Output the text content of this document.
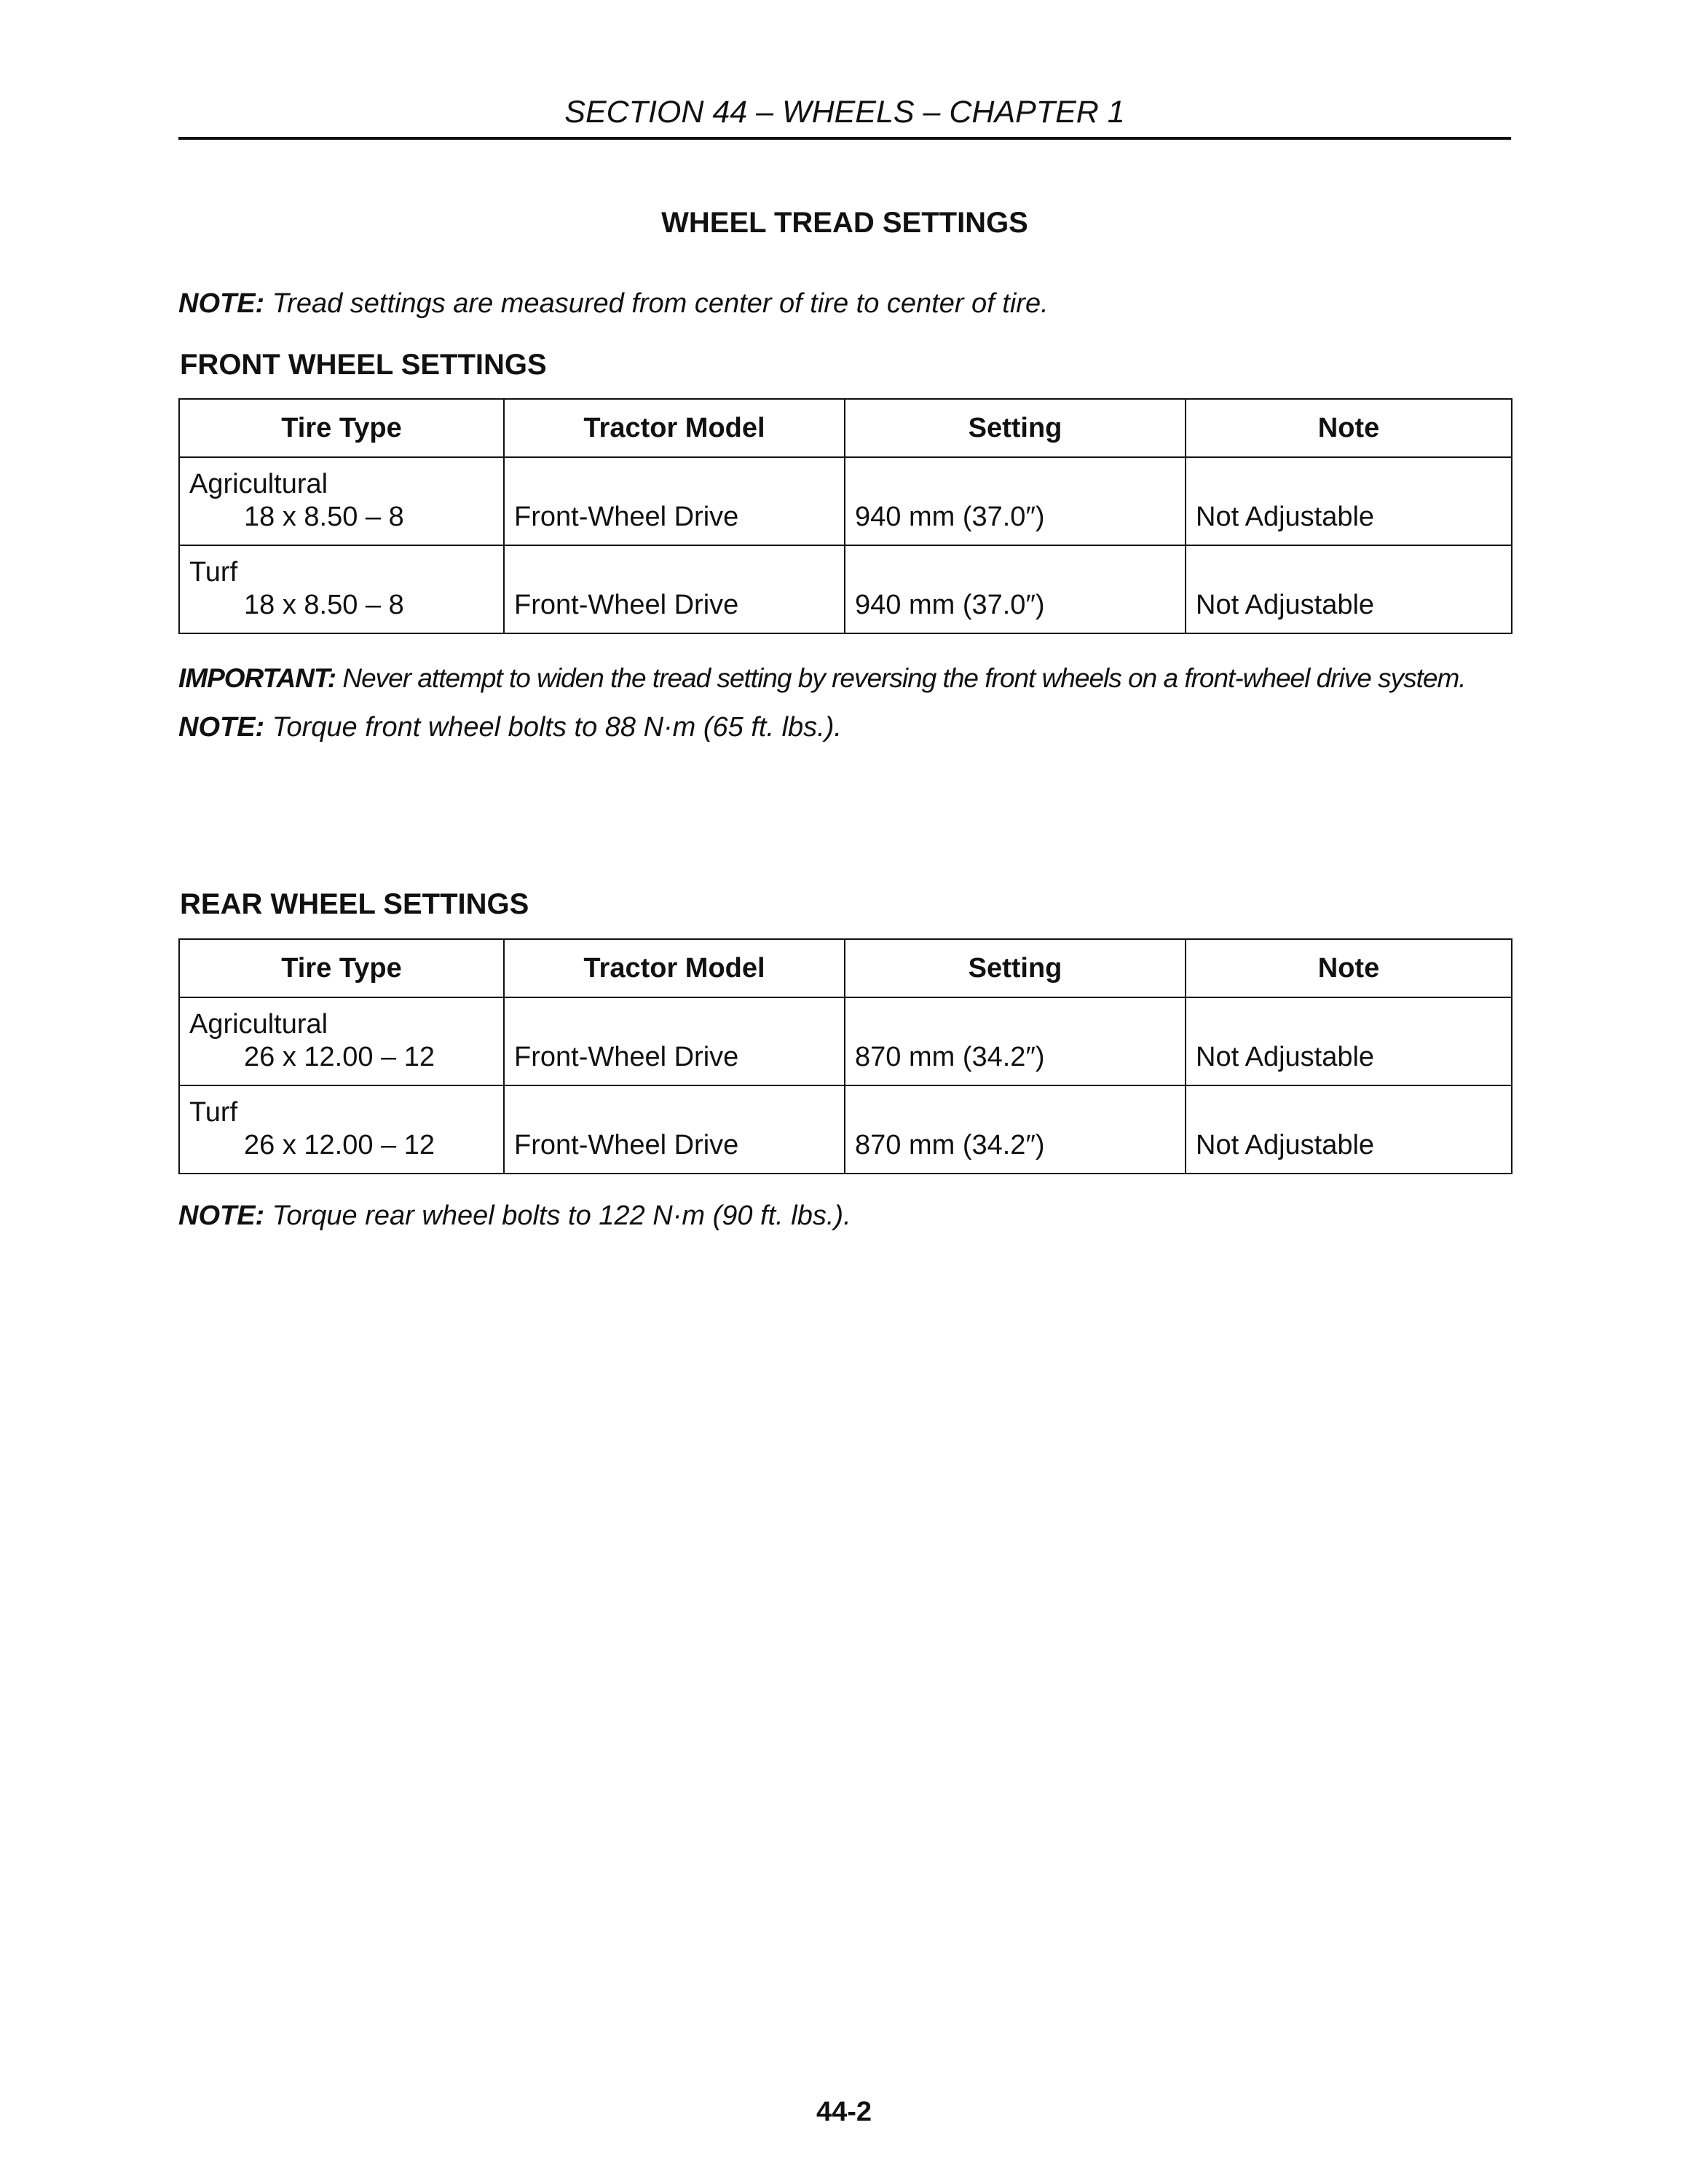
SECTION 44 – WHEELS – CHAPTER 1
WHEEL TREAD SETTINGS
NOTE: Tread settings are measured from center of tire to center of tire.
FRONT WHEEL SETTINGS
Tire Type	Tractor Model	Setting	Note

Agricultural
18 x 8.50 – 8	Front-Wheel Drive	940 mm (37.0″)	Not Adjustable

Turf
18 x 8.50 – 8	Front-Wheel Drive	940 mm (37.0″)	Not Adjustable
IMPORTANT: Never attempt to widen the tread setting by reversing the front wheels on a front-wheel drive system.
NOTE: Torque front wheel bolts to 88 N·m (65 ft. lbs.).
REAR WHEEL SETTINGS
Tire Type	Tractor Model	Setting	Note

Agricultural
26 x 12.00 – 12	Front-Wheel Drive	870 mm (34.2″)	Not Adjustable

Turf
26 x 12.00 – 12	Front-Wheel Drive	870 mm (34.2″)	Not Adjustable
NOTE: Torque rear wheel bolts to 122 N·m (90 ft. lbs.).
44-2
